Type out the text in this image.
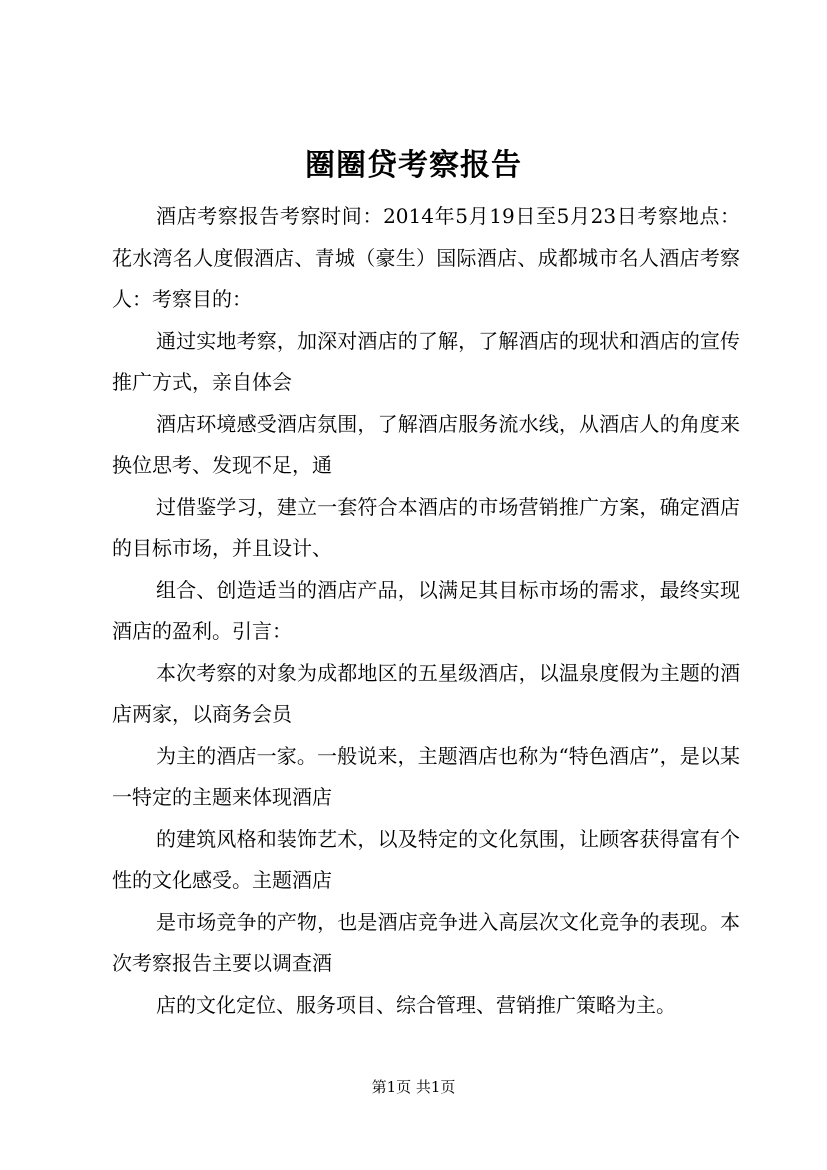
圈圈贷考察报告

酒店考察报告考察时间：2014年5月19日至5月23日考察地点：花水湾名人度假酒店、青城（豪生）国际酒店、成都城市名人酒店考察人：考察目的：

通过实地考察，加深对酒店的了解，了解酒店的现状和酒店的宣传推广方式，亲自体会

酒店环境感受酒店氛围，了解酒店服务流水线，从酒店人的角度来换位思考、发现不足，通

过借鉴学习，建立一套符合本酒店的市场营销推广方案，确定酒店的目标市场，并且设计、

组合、创造适当的酒店产品，以满足其目标市场的需求，最终实现酒店的盈利。引言：

本次考察的对象为成都地区的五星级酒店，以温泉度假为主题的酒店两家，以商务会员

为主的酒店一家。一般说来，主题酒店也称为“特色酒店”，是以某一特定的主题来体现酒店

的建筑风格和装饰艺术，以及特定的文化氛围，让顾客获得富有个性的文化感受。主题酒店

是市场竞争的产物，也是酒店竞争进入高层次文化竞争的表现。本次考察报告主要以调查酒

店的文化定位、服务项目、综合管理、营销推广策略为主。

第1页 共1页
